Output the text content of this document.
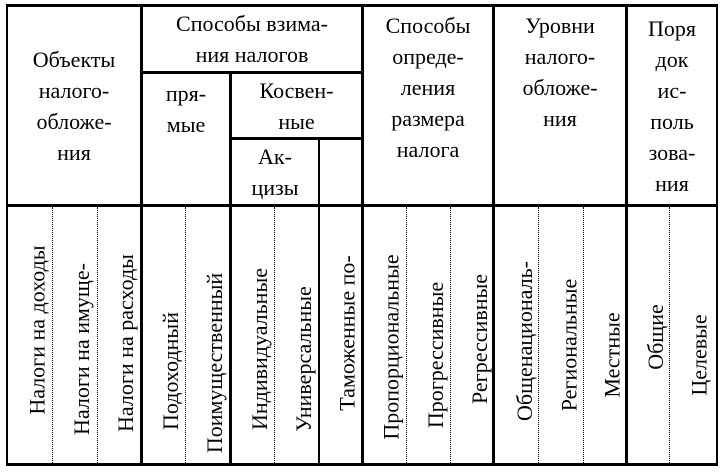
Объекты
налого-
обложе-
ния
Способы взима-
ния налогов
пря-
мые
Косвен-
ные
Ак-
цизы
Способы
опреде-
ления
размера
налога
Уровни
налого-
обложе-
ния
Поря
док
ис-
поль
зова-
ния
Налоги на доходы Налоги на имуще- Налоги на расходы Подоходный Поимущественный Индивидуальные Универсальные Таможенные по- Пропорциональные Прогрессивные Регрессивные Общенациональ- Региональные Местные Общие Целевые
